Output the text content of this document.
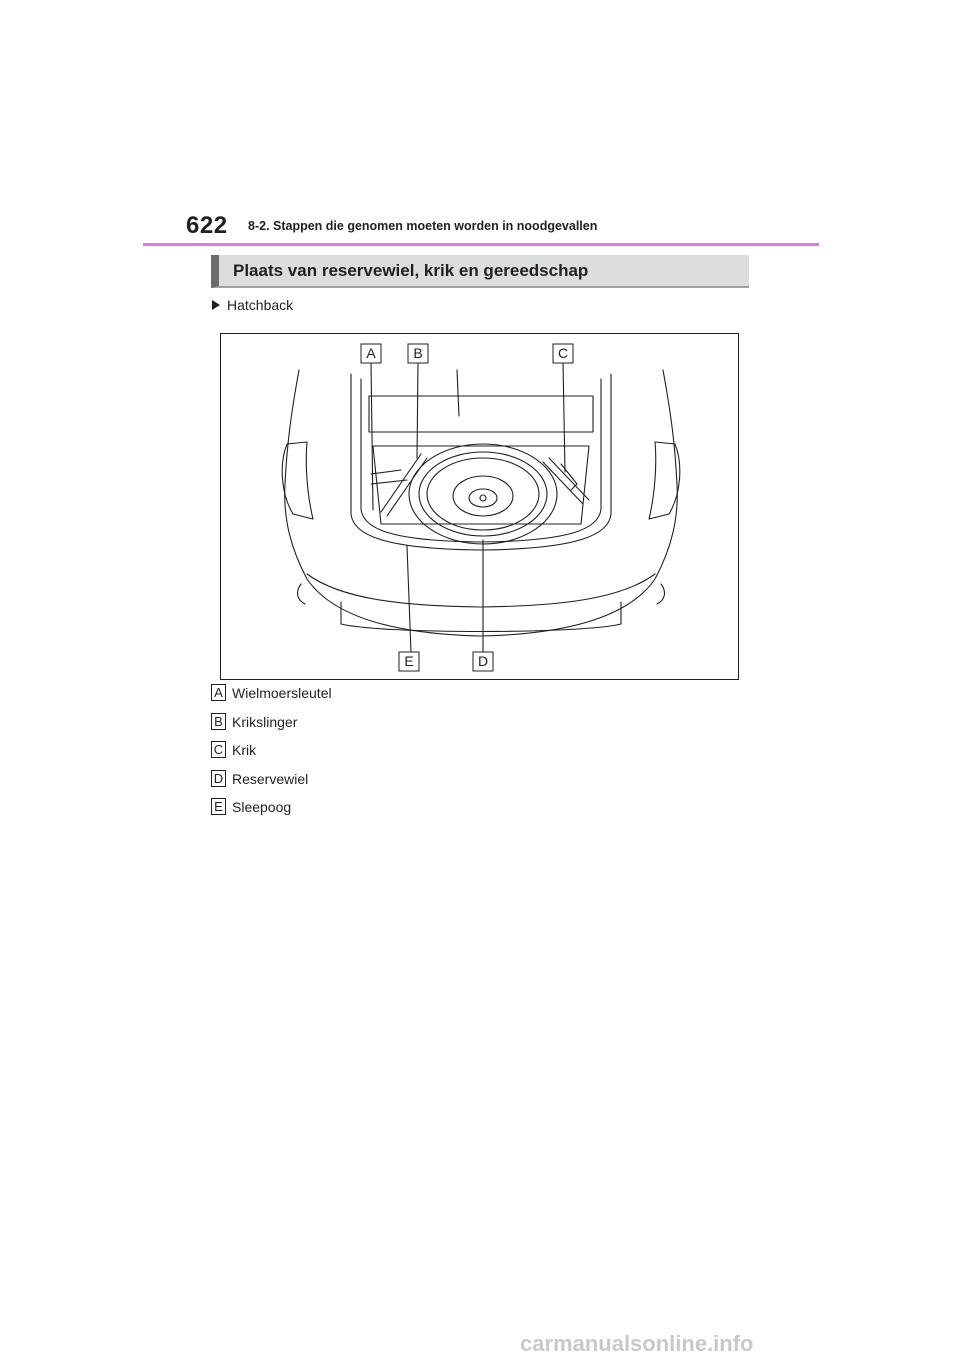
622 8-2. Stappen die genomen moeten worden in noodgevallen
Plaats van reservewiel, krik en gereedschap
Hatchback
A	B	C
D
E
A Wielmoersleutel
B Krikslinger
C Krik
D Reservewiel
E Sleepoog
carmanualsonline.info
